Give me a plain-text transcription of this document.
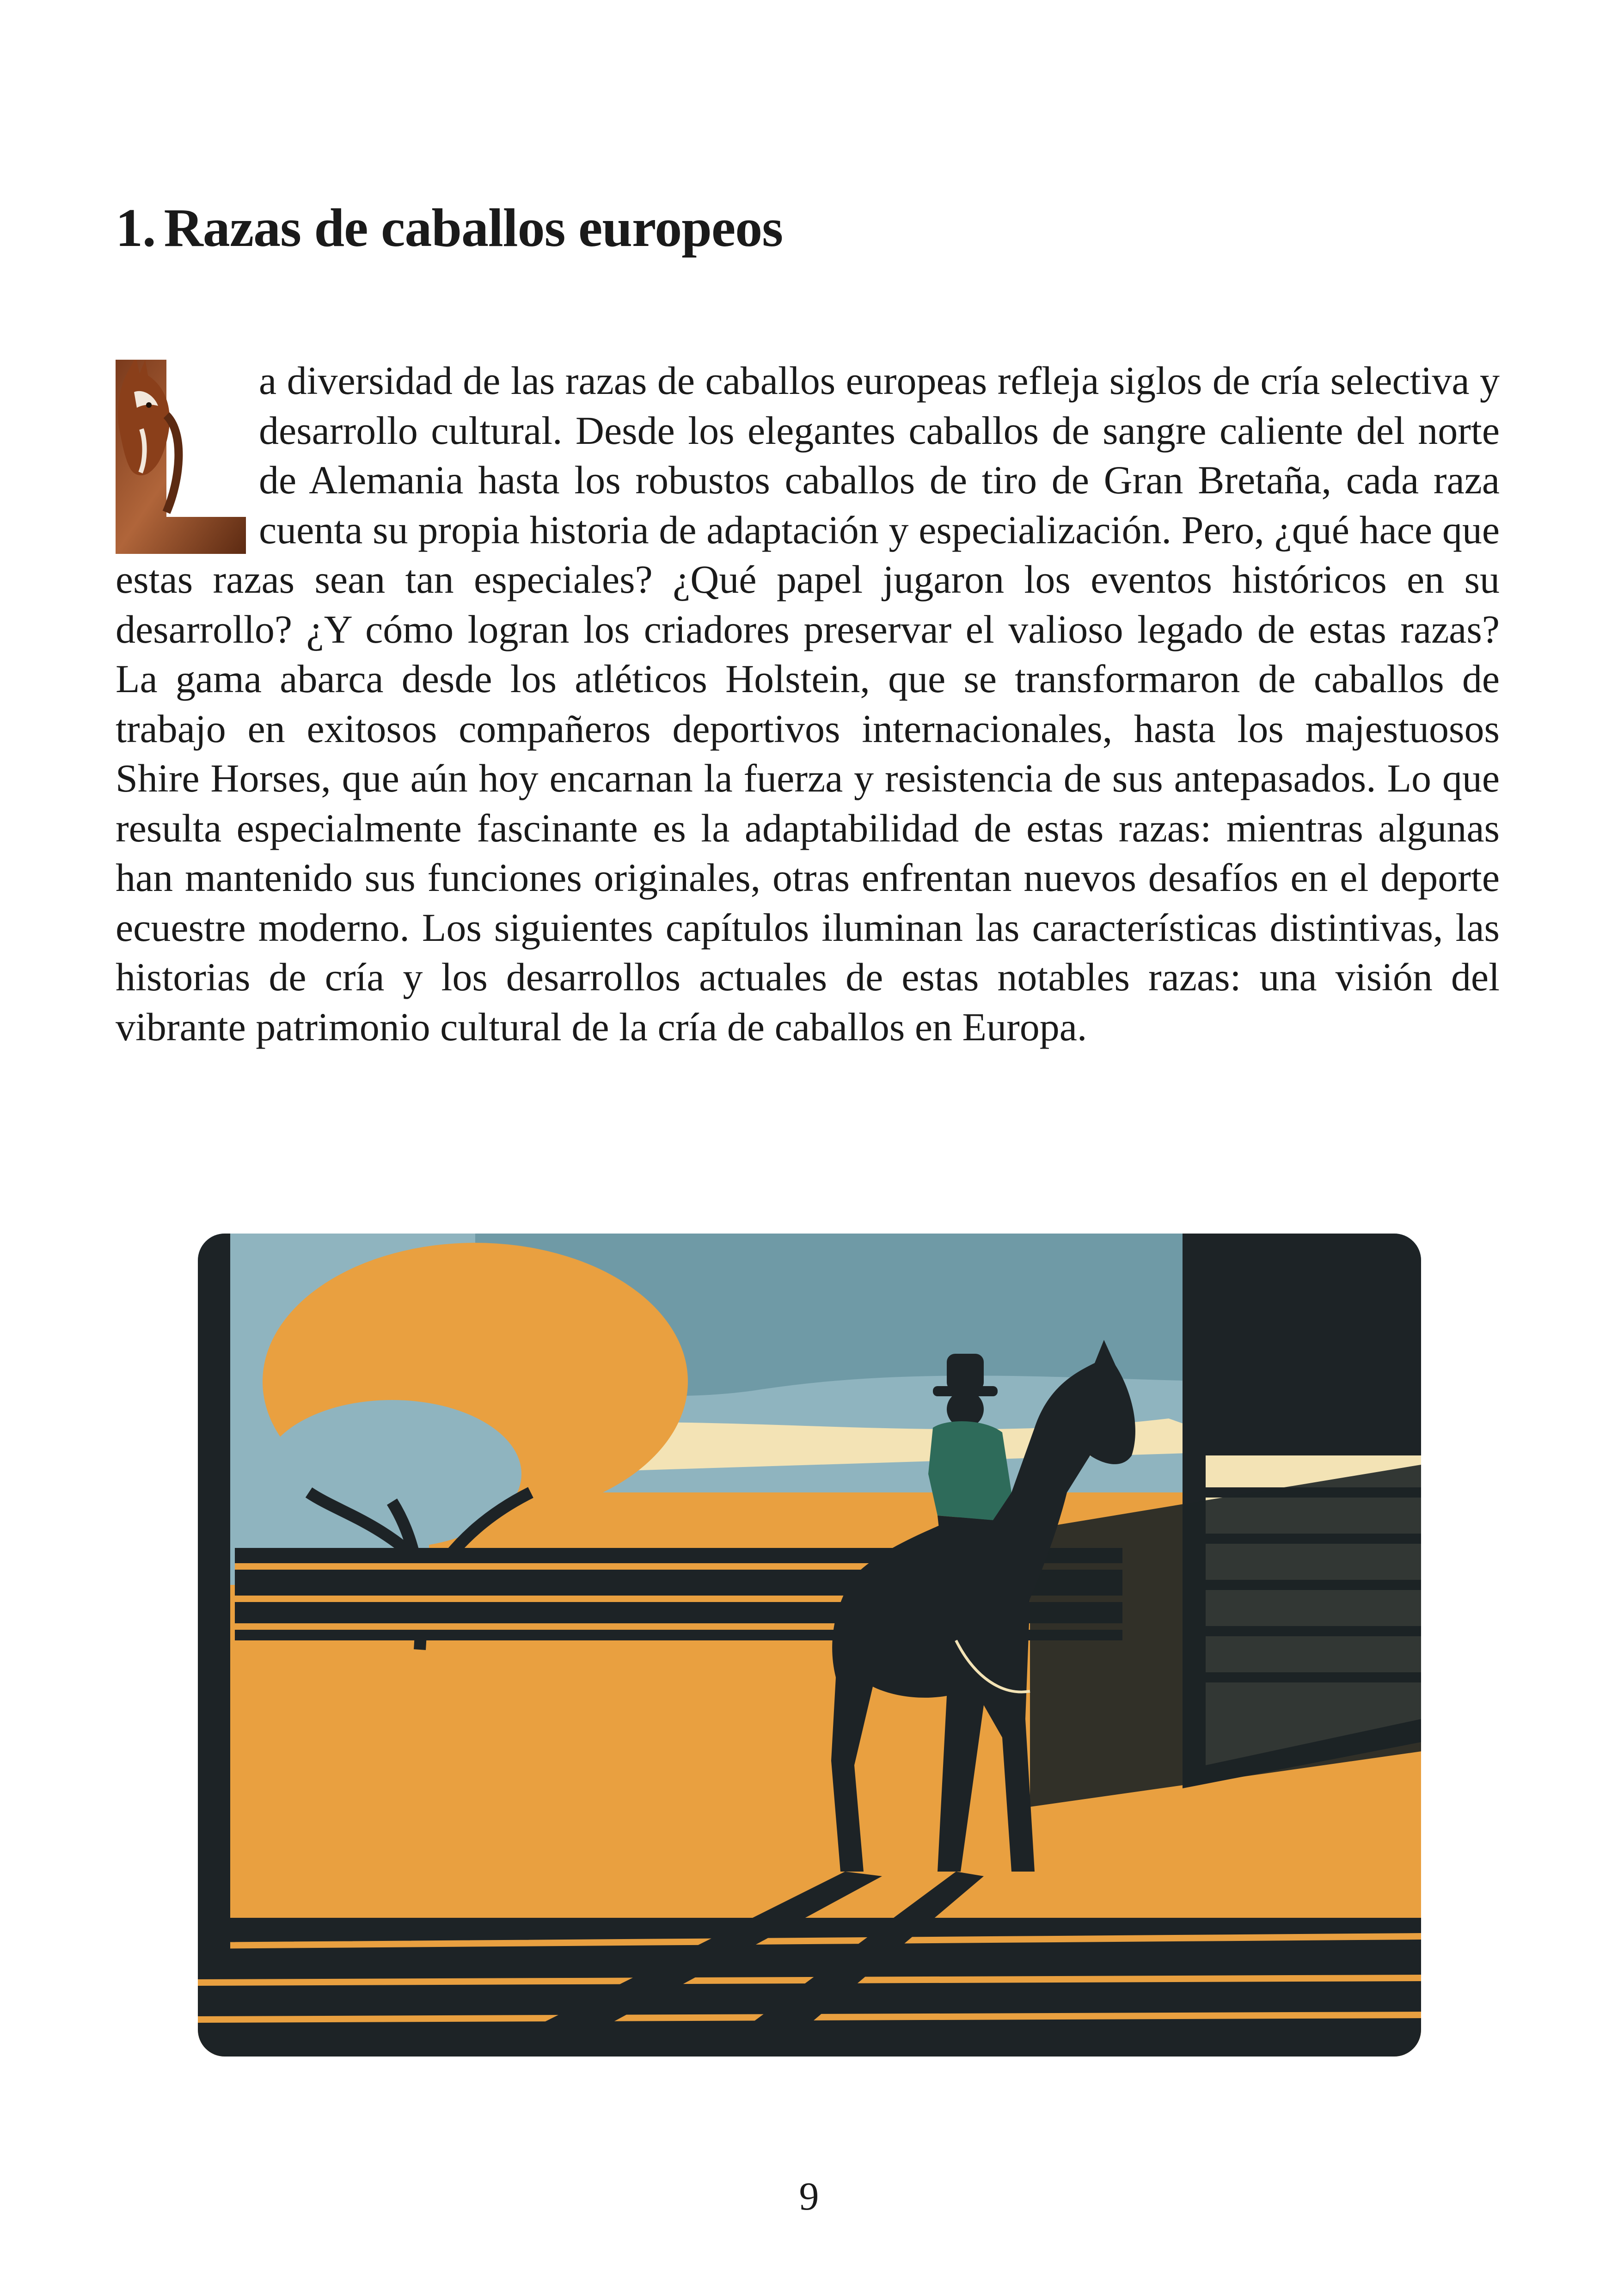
1. Razas de caballos europeos
a diversidad de las razas de caballos europeas refleja siglos de cría selectiva y desarrollo cultural. Desde los elegantes caballos de sangre caliente del norte de Alemania hasta los robustos caballos de tiro de Gran Bretaña, cada raza cuenta su propia historia de adaptación y especialización. Pero, ¿qué hace que estas razas sean tan especiales? ¿Qué papel jugaron los eventos históricos en su desarrollo? ¿Y cómo logran los criadores preservar el valioso legado de estas razas? La gama abarca desde los atléticos Holstein, que se transformaron de caballos de trabajo en exitosos compañeros deportivos internacionales, hasta los majestuosos Shire Horses, que aún hoy encarnan la fuerza y resistencia de sus antepasados. Lo que resulta especialmente fascinante es la adaptabilidad de estas razas: mientras algunas han mantenido sus funciones originales, otras enfrentan nuevos desafíos en el deporte ecuestre moderno. Los siguientes capítulos iluminan las características distintivas, las historias de cría y los desarrollos actuales de estas notables razas: una visión del vibrante patrimonio cultural de la cría de caballos en Europa.
9
